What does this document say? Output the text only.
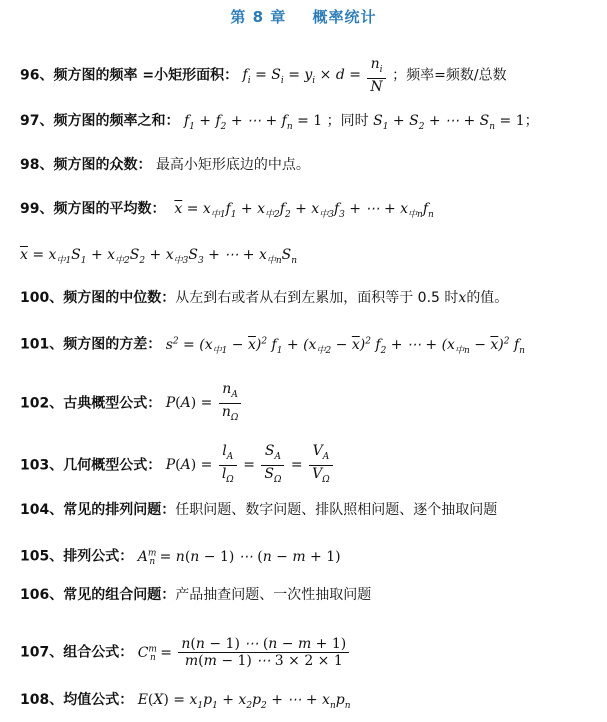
第 8 章 概率统计
96、频方图的频率 =小矩形面积： $f_i = S_i = y_i \times d = \frac{n_i}{N}$ ；频率=频数/总数
97、频方图的频率之和： $f_1 + f_2$ + ⋯ + $f_n = 1$ ；同时 $S_1 + S_2$ + ⋯ + $S_n = 1$；
98、频方图的众数： 最高小矩形底边的中点。
99、频方图的平均数： $\overline{x} = x_{中1}f_1 + x_{中2}f_2 + x_{中3}f_3$ + ⋯ + $x_{中n}f_n$
$\overline{x} = x_{中1}S_1 + x_{中2}S_2 + x_{中3}S_3$ + ⋯ + $x_{中n}S_n$
100、频方图的中位数：从左到右或者从右到左累加，面积等于 0.5 时x的值。
101、频方图的方差： $s^2 = (x_{中1} - \overline{x})^2$ $f_1 + (x_{中2} - \overline{x})^2$ $f_2$ + ⋯ + $(x_{中n} - \overline{x})^2$ $f_n$
102、古典概型公式： $P(A) = \frac{n_A}{n_\Omega}$
103、几何概型公式： $P(A) = \frac{l_A}{l_\Omega} = \frac{S_A}{S_\Omega} = \frac{V_A}{V_\Omega}$
104、常见的排列问题：任职问题、数字问题、排队照相问题、逐个抽取问题
105、排列公式： $A^m_n = n(n - 1)$ ⋯ (n − m + 1)
106、常见的组合问题：产品抽查问题、一次性抽取问题
107、组合公式： $C^m_n = \frac{n(n - 1) \cdots (n - m + 1)}{m(m - 1) \cdots 3 \times 2 \times 1}$
108、均值公式： $E(X) = x_1p_1 + x_2p_2$ + ⋯ + $x_np_n$
